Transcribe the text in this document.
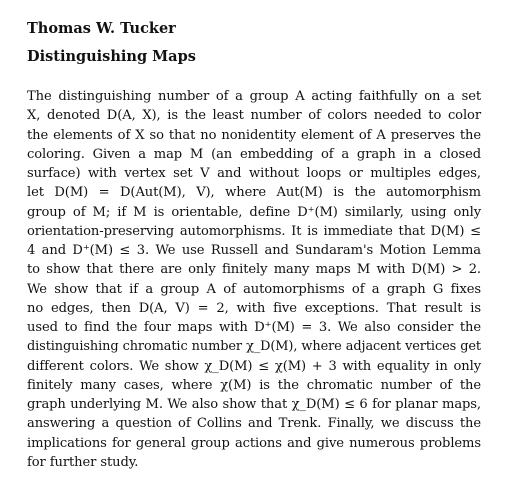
Thomas W. Tucker
Distinguishing Maps
The distinguishing number of a group A acting faithfully on a set
X, denoted D(A, X), is the least number of colors needed to color
the elements of X so that no nonidentity element of A preserves the
coloring. Given a map M (an embedding of a graph in a closed
surface) with vertex set V and without loops or multiples edges,
let D(M) = D(Aut(M), V), where Aut(M) is the automorphism
group of M; if M is orientable, define D⁺(M) similarly, using only
orientation-preserving automorphisms. It is immediate that D(M) ≤
4 and D⁺(M) ≤ 3. We use Russell and Sundaram's Motion Lemma
to show that there are only finitely many maps M with D(M) > 2.
We show that if a group A of automorphisms of a graph G fixes
no edges, then D(A, V) = 2, with five exceptions. That result is
used to find the four maps with D⁺(M) = 3. We also consider the
distinguishing chromatic number χ_D(M), where adjacent vertices get
different colors. We show χ_D(M) ≤ χ(M) + 3 with equality in only
finitely many cases, where χ(M) is the chromatic number of the
graph underlying M. We also show that χ_D(M) ≤ 6 for planar maps,
answering a question of Collins and Trenk. Finally, we discuss the
implications for general group actions and give numerous problems
for further study.
